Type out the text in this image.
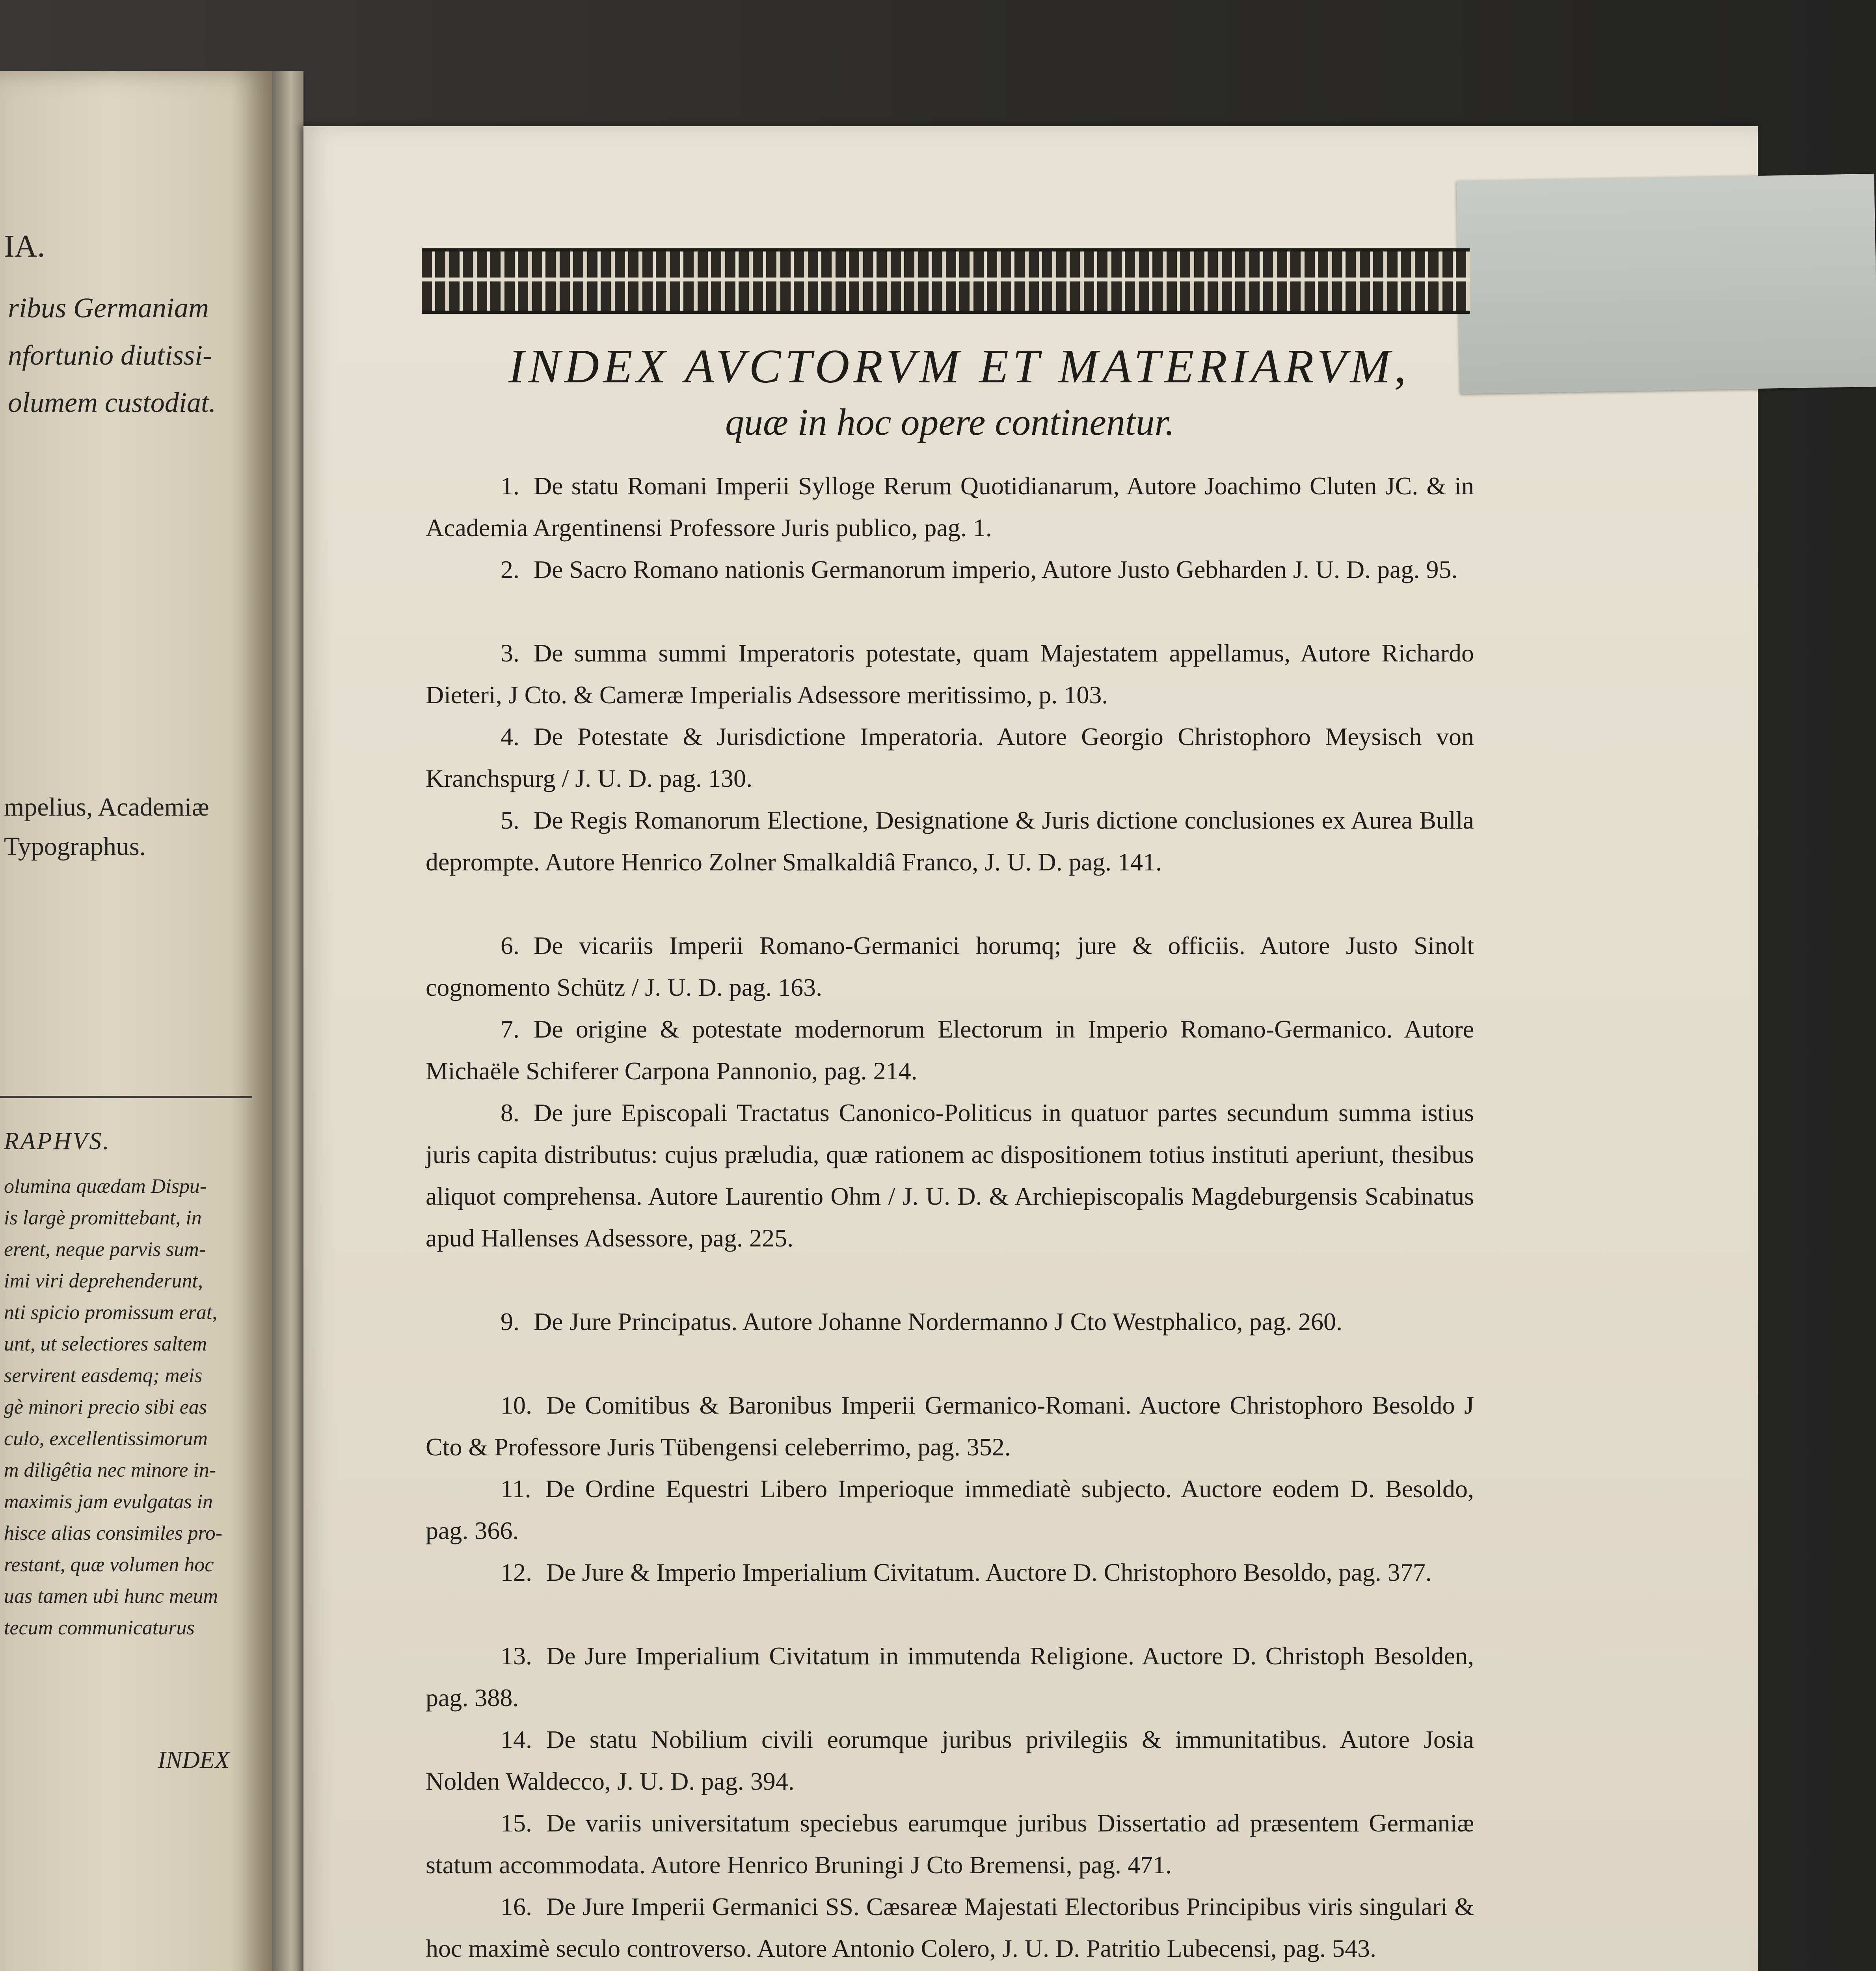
IA.
ribus Germaniam
nfortunio diutissi-
olumem custodiat.
mpelius, Academiæ
Typographus.
RAPHVS.
olumina quædam Dispu-
is largè promittebant, in
erent, neque parvis sum-
imi viri deprehenderunt,
nti spicio promissum erat,
unt, ut selectiores saltem
servirent easdemq; meis
gè minori precio sibi eas
culo, excellentissimorum
m diligêtia nec minore in-
maximis jam evulgatas in
hisce alias consimiles pro-
restant, quæ volumen hoc
uas tamen ubi hunc meum
tecum communicaturus
INDEX
INDEX AVCTORVM ET MATERIARVM,
quæ in hoc opere continentur.
1. De statu Romani Imperii Sylloge Rerum Quotidianarum, Autore Joachimo Cluten JC. & in Academia Argentinensi Professore Juris publico, pag. 1.
2. De Sacro Romano nationis Germanorum imperio, Autore Justo Gebharden J. U. D. pag. 95.
3. De summa summi Imperatoris potestate, quam Majestatem appellamus, Autore Richardo Dieteri, J Cto. & Cameræ Imperialis Adsessore meritissimo, p. 103.
4. De Potestate & Jurisdictione Imperatoria. Autore Georgio Christophoro Meysisch von Kranchspurg / J. U. D. pag. 130.
5. De Regis Romanorum Electione, Designatione & Juris dictione conclusiones ex Aurea Bulla deprompte. Autore Henrico Zolner Smalkaldiâ Franco, J. U. D. pag. 141.
6. De vicariis Imperii Romano-Germanici horumq; jure & officiis. Autore Justo Sinolt cognomento Schütz / J. U. D. pag. 163.
7. De origine & potestate modernorum Electorum in Imperio Romano-Germanico. Autore Michaële Schiferer Carpona Pannonio, pag. 214.
8. De jure Episcopali Tractatus Canonico-Politicus in quatuor partes secundum summa istius juris capita distributus: cujus præludia, quæ rationem ac dispositionem totius instituti aperiunt, thesibus aliquot comprehensa. Autore Laurentio Ohm / J. U. D. & Archiepiscopalis Magdeburgensis Scabinatus apud Hallenses Adsessore, pag. 225.
9. De Jure Principatus. Autore Johanne Nordermanno J Cto Westphalico, pag. 260.
10. De Comitibus & Baronibus Imperii Germanico-Romani. Auctore Christophoro Besoldo J Cto & Professore Juris Tübengensi celeberrimo, pag. 352.
11. De Ordine Equestri Libero Imperioque immediatè subjecto. Auctore eodem D. Besoldo, pag. 366.
12. De Jure & Imperio Imperialium Civitatum. Auctore D. Christophoro Besoldo, pag. 377.
13. De Jure Imperialium Civitatum in immutenda Religione. Auctore D. Christoph Besolden, pag. 388.
14. De statu Nobilium civili eorumque juribus privilegiis & immunitatibus. Autore Josia Nolden Waldecco, J. U. D. pag. 394.
15. De variis universitatum speciebus earumque juribus Dissertatio ad præsentem Germaniæ statum accommodata. Autore Henrico Bruningi J Cto Bremensi, pag. 471.
16. De Jure Imperii Germanici SS. Cæsareæ Majestati Electoribus Principibus viris singulari & hoc maximè seculo controverso. Autore Antonio Colero, J. U. D. Patritio Lubecensi, pag. 543.
